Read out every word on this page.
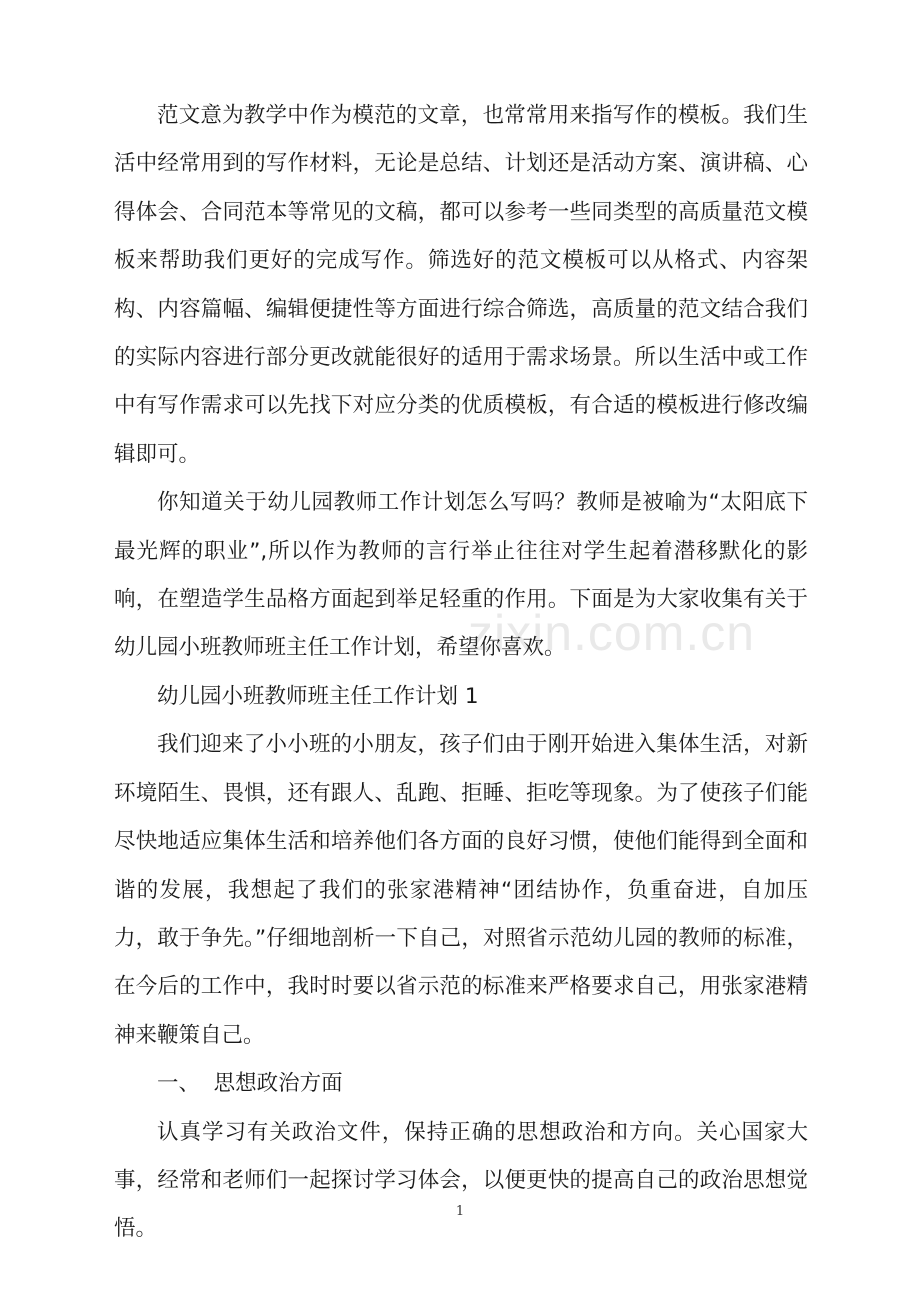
范文意为教学中作为模范的文章，也常常用来指写作的模板。我们生活中经常用到的写作材料，无论是总结、计划还是活动方案、演讲稿、心得体会、合同范本等常见的文稿，都可以参考一些同类型的高质量范文模板来帮助我们更好的完成写作。筛选好的范文模板可以从格式、内容架构、内容篇幅、编辑便捷性等方面进行综合筛选，高质量的范文结合我们的实际内容进行部分更改就能很好的适用于需求场景。所以生活中或工作中有写作需求可以先找下对应分类的优质模板，有合适的模板进行修改编辑即可。

你知道关于幼儿园教师工作计划怎么写吗？教师是被喻为“太阳底下最光辉的职业”,所以作为教师的言行举止往往对学生起着潜移默化的影响，在塑造学生品格方面起到举足轻重的作用。下面是为大家收集有关于幼儿园小班教师班主任工作计划，希望你喜欢。

幼儿园小班教师班主任工作计划 1

我们迎来了小小班的小朋友，孩子们由于刚开始进入集体生活，对新环境陌生、畏惧，还有跟人、乱跑、拒睡、拒吃等现象。为了使孩子们能尽快地适应集体生活和培养他们各方面的良好习惯，使他们能得到全面和谐的发展，我想起了我们的张家港精神“团结协作，负重奋进，自加压力，敢于争先。”仔细地剖析一下自己，对照省示范幼儿园的教师的标准，在今后的工作中，我时时要以省示范的标准来严格要求自己，用张家港精神来鞭策自己。

一、  思想政治方面

认真学习有关政治文件，保持正确的思想政治和方向。关心国家大事，经常和老师们一起探讨学习体会，以便更快的提高自己的政治思想觉悟。

zixin.com.cn
1
